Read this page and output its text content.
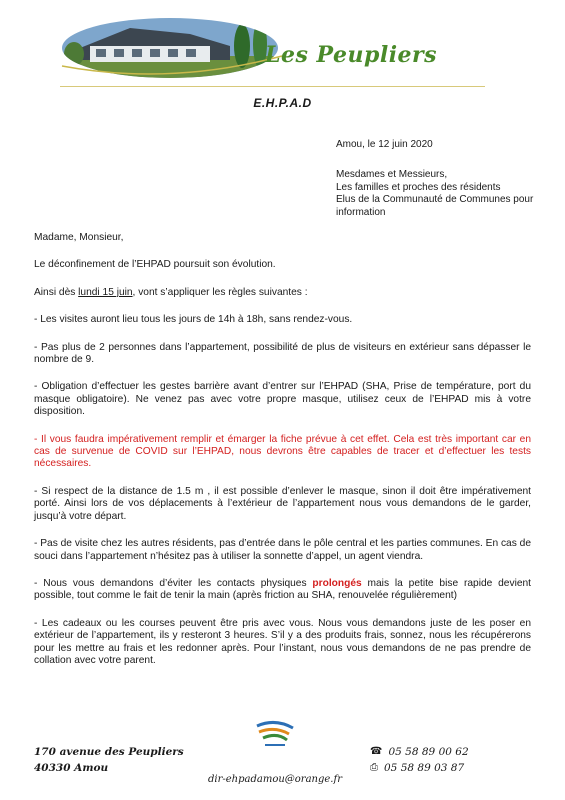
Les Peupliers
E.H.P.A.D
Amou, le 12 juin 2020
Mesdames et Messieurs,
Les familles et proches des résidents
Elus de la Communauté de Communes pour information

Madame, Monsieur,

Le déconfinement de l’EHPAD poursuit son évolution.

Ainsi dès lundi 15 juin, vont s’appliquer les règles suivantes :

- Les visites auront lieu tous les jours de 14h à 18h, sans rendez-vous.

- Pas plus de 2 personnes dans l’appartement, possibilité de plus de visiteurs en extérieur sans dépasser le nombre de 9.

- Obligation d’effectuer les gestes barrière avant d’entrer sur l’EHPAD (SHA, Prise de température, port du masque obligatoire). Ne venez pas avec votre propre masque, utilisez ceux de l’EHPAD mis à votre disposition.

- Il vous faudra impérativement remplir et émarger la fiche prévue à cet effet. Cela est très important car en cas de survenue de COVID sur l’EHPAD, nous devrons être capables de tracer et d’effectuer les tests nécessaires.

- Si respect de la distance de 1.5 m , il est possible d’enlever le masque, sinon il doit être impérativement porté. Ainsi lors de vos déplacements à l’extérieur de l’appartement nous vous demandons de le garder, jusqu’à votre départ.

- Pas de visite chez les autres résidents, pas d’entrée dans le pôle central et les parties communes. En cas de souci dans l’appartement n’hésitez pas à utiliser la sonnette d’appel, un agent viendra.

- Nous vous demandons d’éviter les contacts physiques prolongés mais la petite bise rapide devient possible, tout comme le fait de tenir la main (après friction au SHA, renouvelée régulièrement)

- Les cadeaux ou les courses peuvent être pris avec vous. Nous vous demandons juste de les poser en extérieur de l’appartement, ils y resteront 3 heures. S’il y a des produits frais, sonnez, nous les récupérerons pour les mettre au frais et les redonner après. Pour l’instant, nous vous demandons de ne pas prendre de collation avec votre parent.

170 avenue des Peupliers
40330 Amou
dir-ehpadamou@orange.fr
☎ 05 58 89 00 62
⎙ 05 58 89 03 87
